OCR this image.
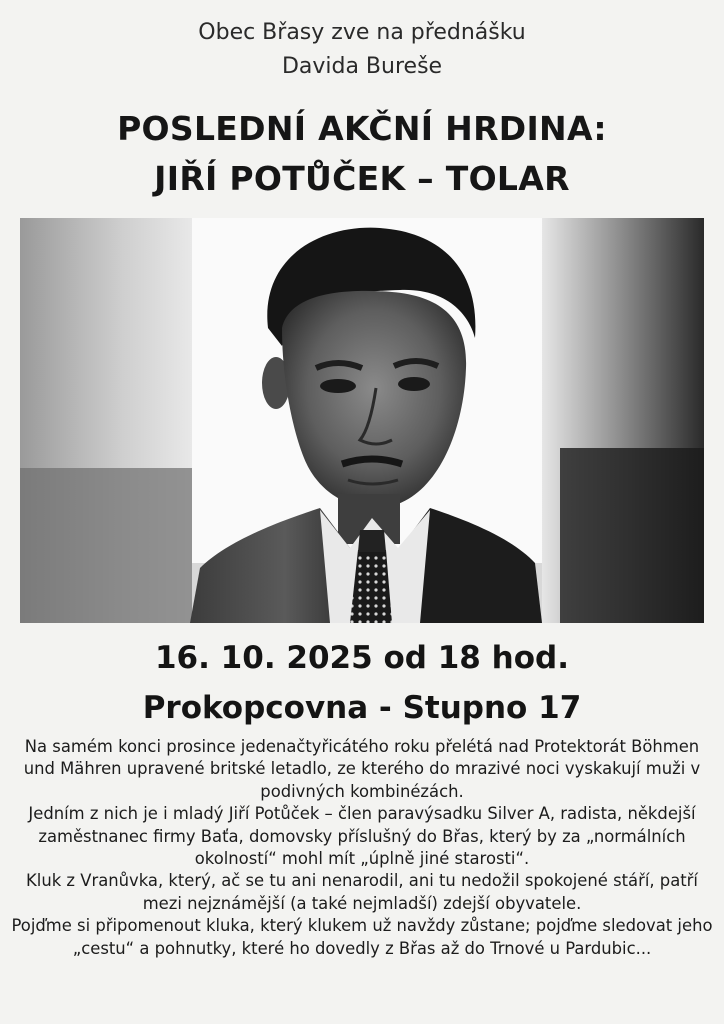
Obec Břasy zve na přednášku
Davida Bureše
POSLEDNÍ AKČNÍ HRDINA:
JIŘÍ POTŮČEK – TOLAR
16. 10. 2025 od 18 hod.
Prokopcovna - Stupno 17

Na samém konci prosince jedenačtyřicátého roku přelétá nad Protektorát Böhmen und Mähren upravené britské letadlo, ze kterého do mrazivé noci vyskakují muži v podivných kombinézách.

Jedním z nich je i mladý Jiří Potůček – člen paravýsadku Silver A, radista, někdejší zaměstnanec firmy Baťa, domovsky příslušný do Břas, který by za „normálních okolností“ mohl mít „úplně jiné starosti“.

Kluk z Vranůvka, který, ač se tu ani nenarodil, ani tu nedožil spokojené stáří, patří mezi nejznámější (a také nejmladší) zdejší obyvatele.

Pojďme si připomenout kluka, který klukem už navždy zůstane; pojďme sledovat jeho „cestu“ a pohnutky, které ho dovedly z Břas až do Trnové u Pardubic...
